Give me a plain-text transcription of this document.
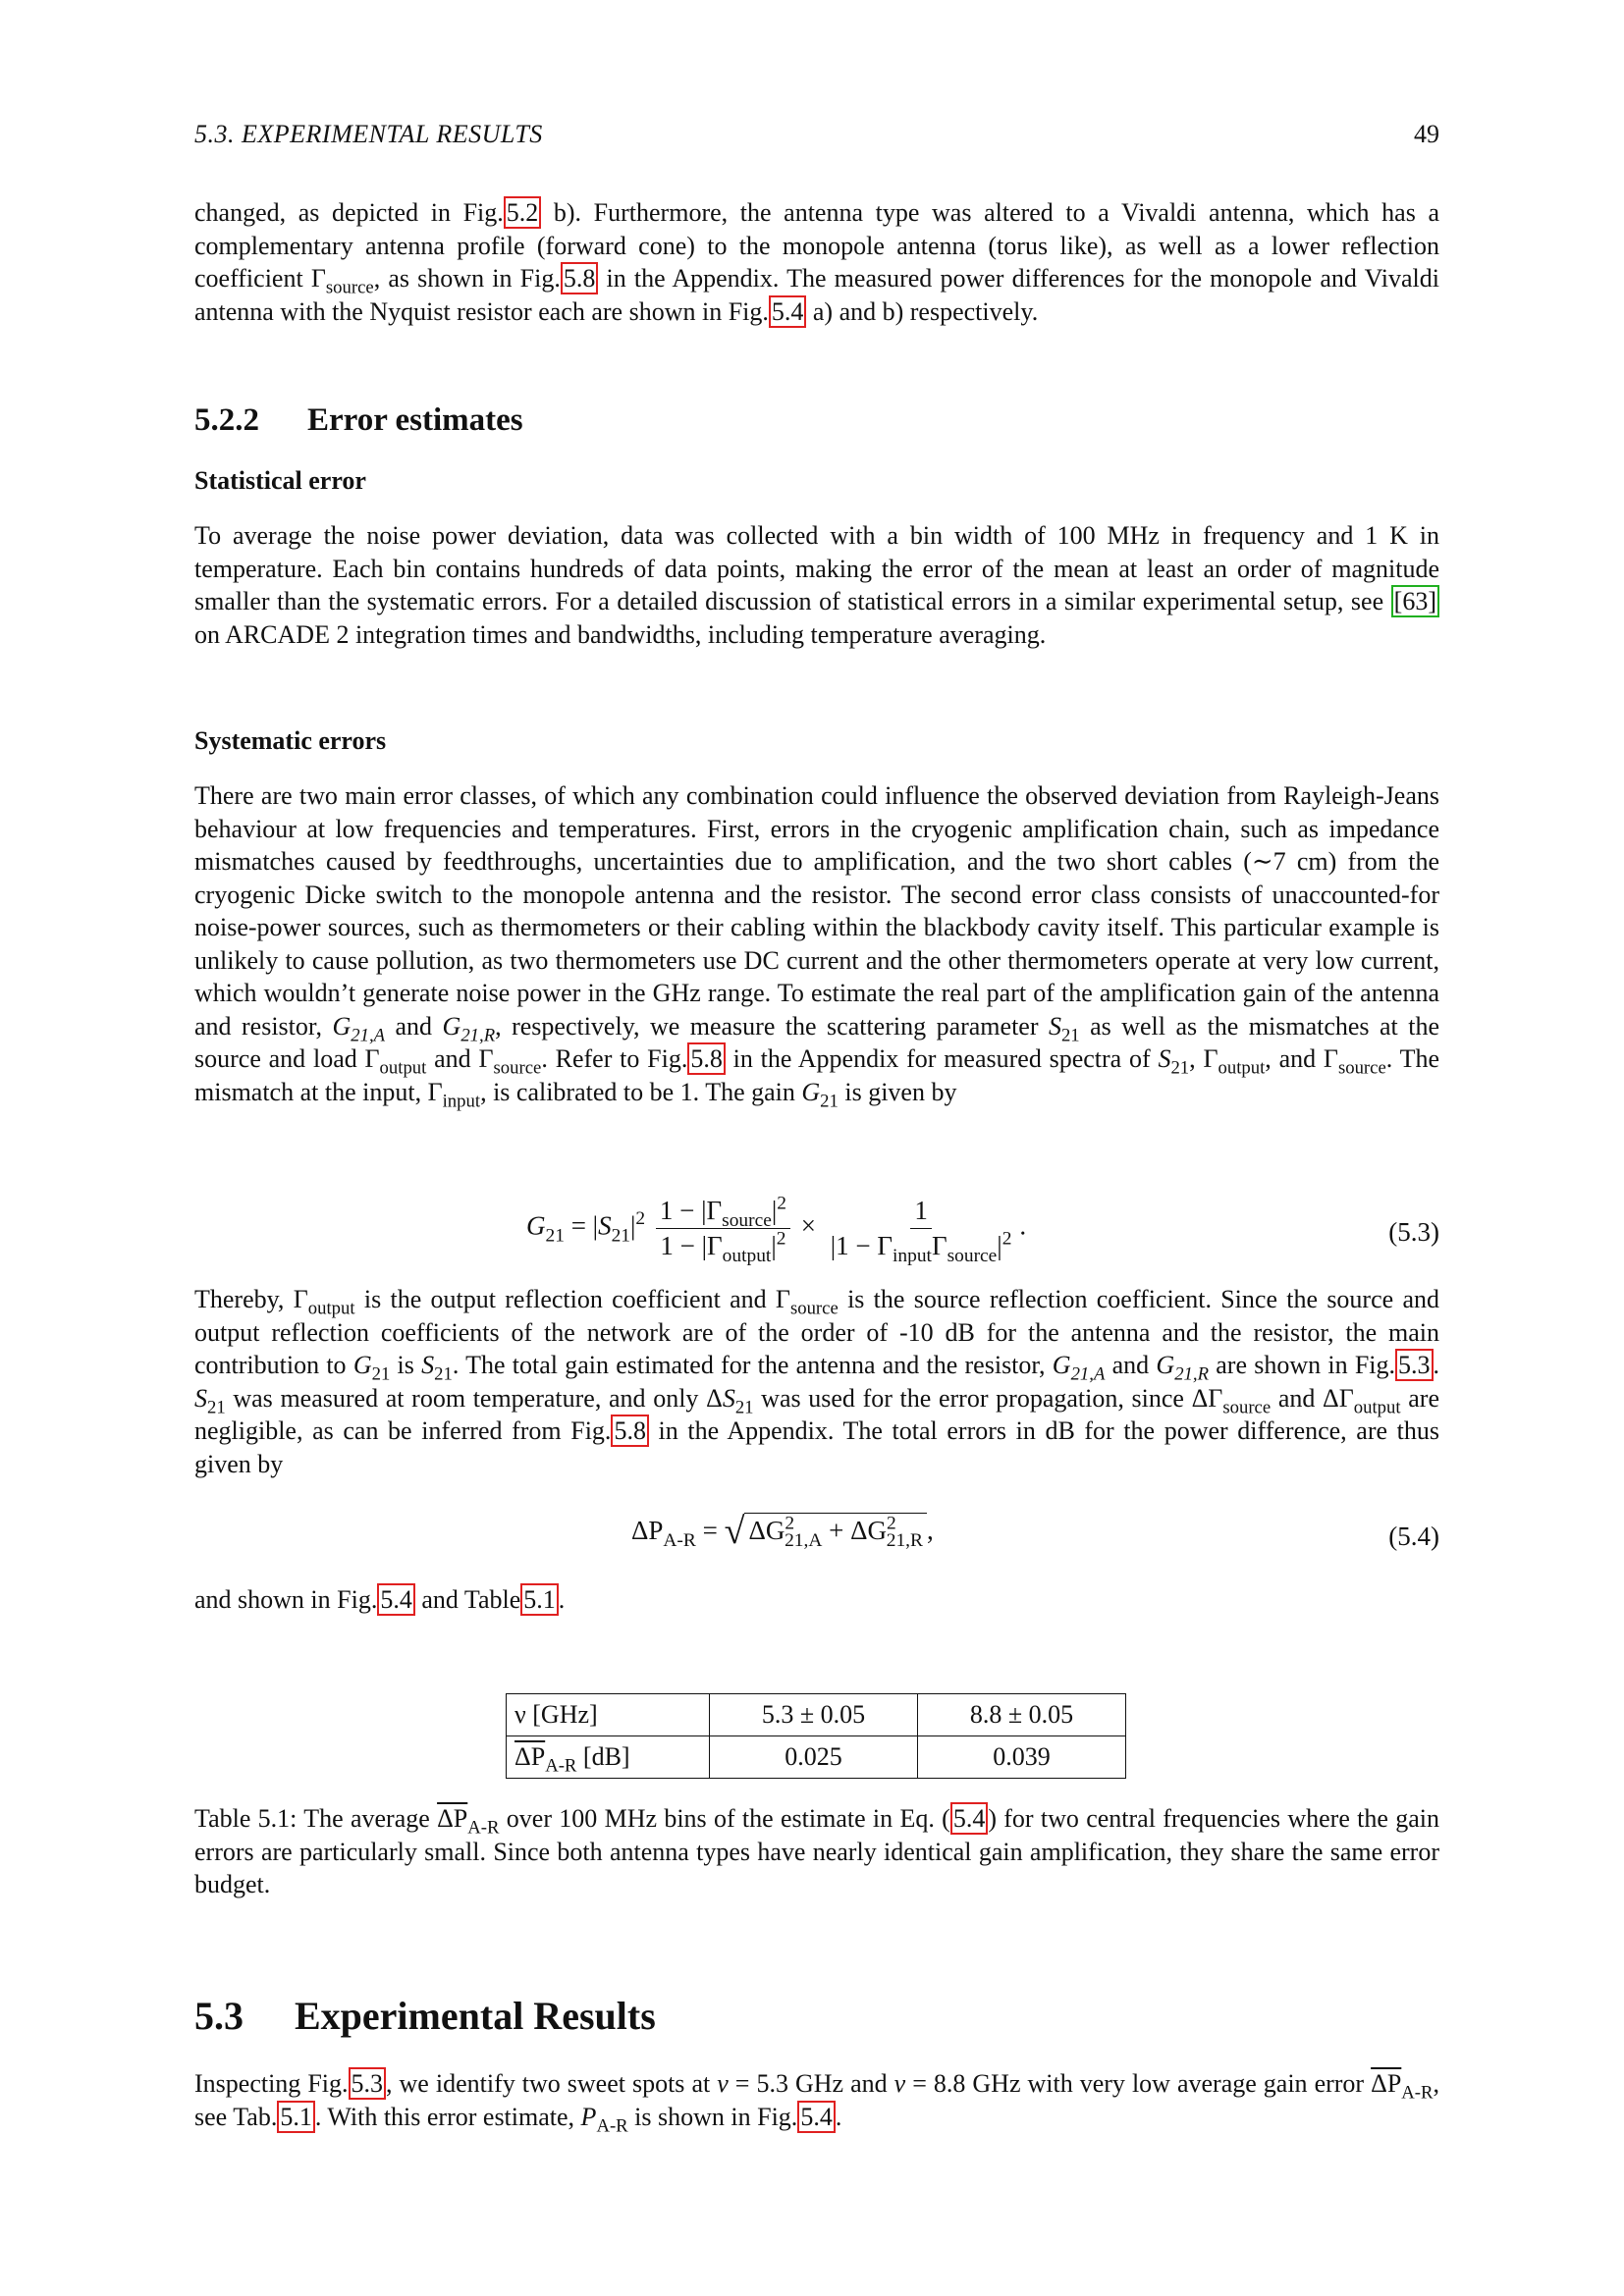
5.3. EXPERIMENTAL RESULTS	49

changed, as depicted in Fig. 5.2 b). Furthermore, the antenna type was altered to a Vivaldi antenna, which has a complementary antenna profile (forward cone) to the monopole antenna (torus like), as well as a lower reflection coefficient $\Gamma_{source}$, as shown in Fig. 5.8 in the Appendix. The measured power differences for the monopole and Vivaldi antenna with the Nyquist resistor each are shown in Fig. 5.4 a) and b) respectively.

5.2.2 Error estimates
Statistical error

To average the noise power deviation, data was collected with a bin width of 100 MHz in frequency and 1 K in temperature. Each bin contains hundreds of data points, making the error of the mean at least an order of magnitude smaller than the systematic errors. For a detailed discussion of statistical errors in a similar experimental setup, see [63] on ARCADE 2 integration times and bandwidths, including temperature averaging.

Systematic errors

There are two main error classes, of which any combination could influence the observed deviation from Rayleigh-Jeans behaviour at low frequencies and temperatures. First, errors in the cryogenic amplification chain, such as impedance mismatches caused by feedthroughs, uncertainties due to amplification, and the two short cables (∼7 cm) from the cryogenic Dicke switch to the monopole antenna and the resistor. The second error class consists of unaccounted-for noise-power sources, such as thermometers or their cabling within the blackbody cavity itself. This particular example is unlikely to cause pollution, as two thermometers use DC current and the other thermometers operate at very low current, which wouldn’t generate noise power in the GHz range. To estimate the real part of the amplification gain of the antenna and resistor, $G_{21,A}$ and $G_{21,R}$, respectively, we measure the scattering parameter $S_{21}$ as well as the mismatches at the source and load $\Gamma_{output}$ and $\Gamma_{source}$. Refer to Fig. 5.8 in the Appendix for measured spectra of $S_{21}$, $\Gamma_{output}$, and $\Gamma_{source}$. The mismatch at the input, $\Gamma_{input}$, is calibrated to be 1. The gain $G_{21}$ is given by

$G_{21} = |S_{21}|^2 \frac{1 - |\Gamma_{source}|^2}{1 - |\Gamma_{output}|^2} \times \frac{1}{|1 - \Gamma_{input}\Gamma_{source}|^2}$ .	(5.3)

Thereby, $\Gamma_{output}$ is the output reflection coefficient and $\Gamma_{source}$ is the source reflection coefficient. Since the source and output reflection coefficients of the network are of the order of -10 dB for the antenna and the resistor, the main contribution to $G_{21}$ is $S_{21}$. The total gain estimated for the antenna and the resistor, $G_{21,A}$ and $G_{21,R}$ are shown in Fig. 5.3 . $S_{21}$ was measured at room temperature, and only $\Delta S_{21}$ was used for the error propagation, since $\Delta\Gamma_{source}$ and $\Delta\Gamma_{output}$ are negligible, as can be inferred from Fig. 5.8 in the Appendix. The total errors in dB for the power difference, are thus given by

$\Delta P_{A-R}$ = √ $\Delta G^2_{21,A} + \Delta G^2_{21,R}$ ,	(5.4)

and shown in Fig. 5.4 and Table 5.1 .

ν [GHz]	5.3 ± 0.05	8.8 ± 0.05
$\overline{\Delta P}_{A-R}$ [dB]	0.025	0.039

Table 5.1: The average $\overline{\Delta P}_{A-R}$ over 100 MHz bins of the estimate in Eq. ( 5.4 ) for two central frequencies where the gain errors are particularly small. Since both antenna types have nearly identical gain amplification, they share the same error budget.

5.3 Experimental Results

Inspecting Fig. 5.3 , we identify two sweet spots at ν = 5.3 GHz and ν = 8.8 GHz with very low average gain error $\overline{\Delta P}_{A-R}$, see Tab. 5.1 . With this error estimate, $P_{A-R}$ is shown in Fig. 5.4 .
